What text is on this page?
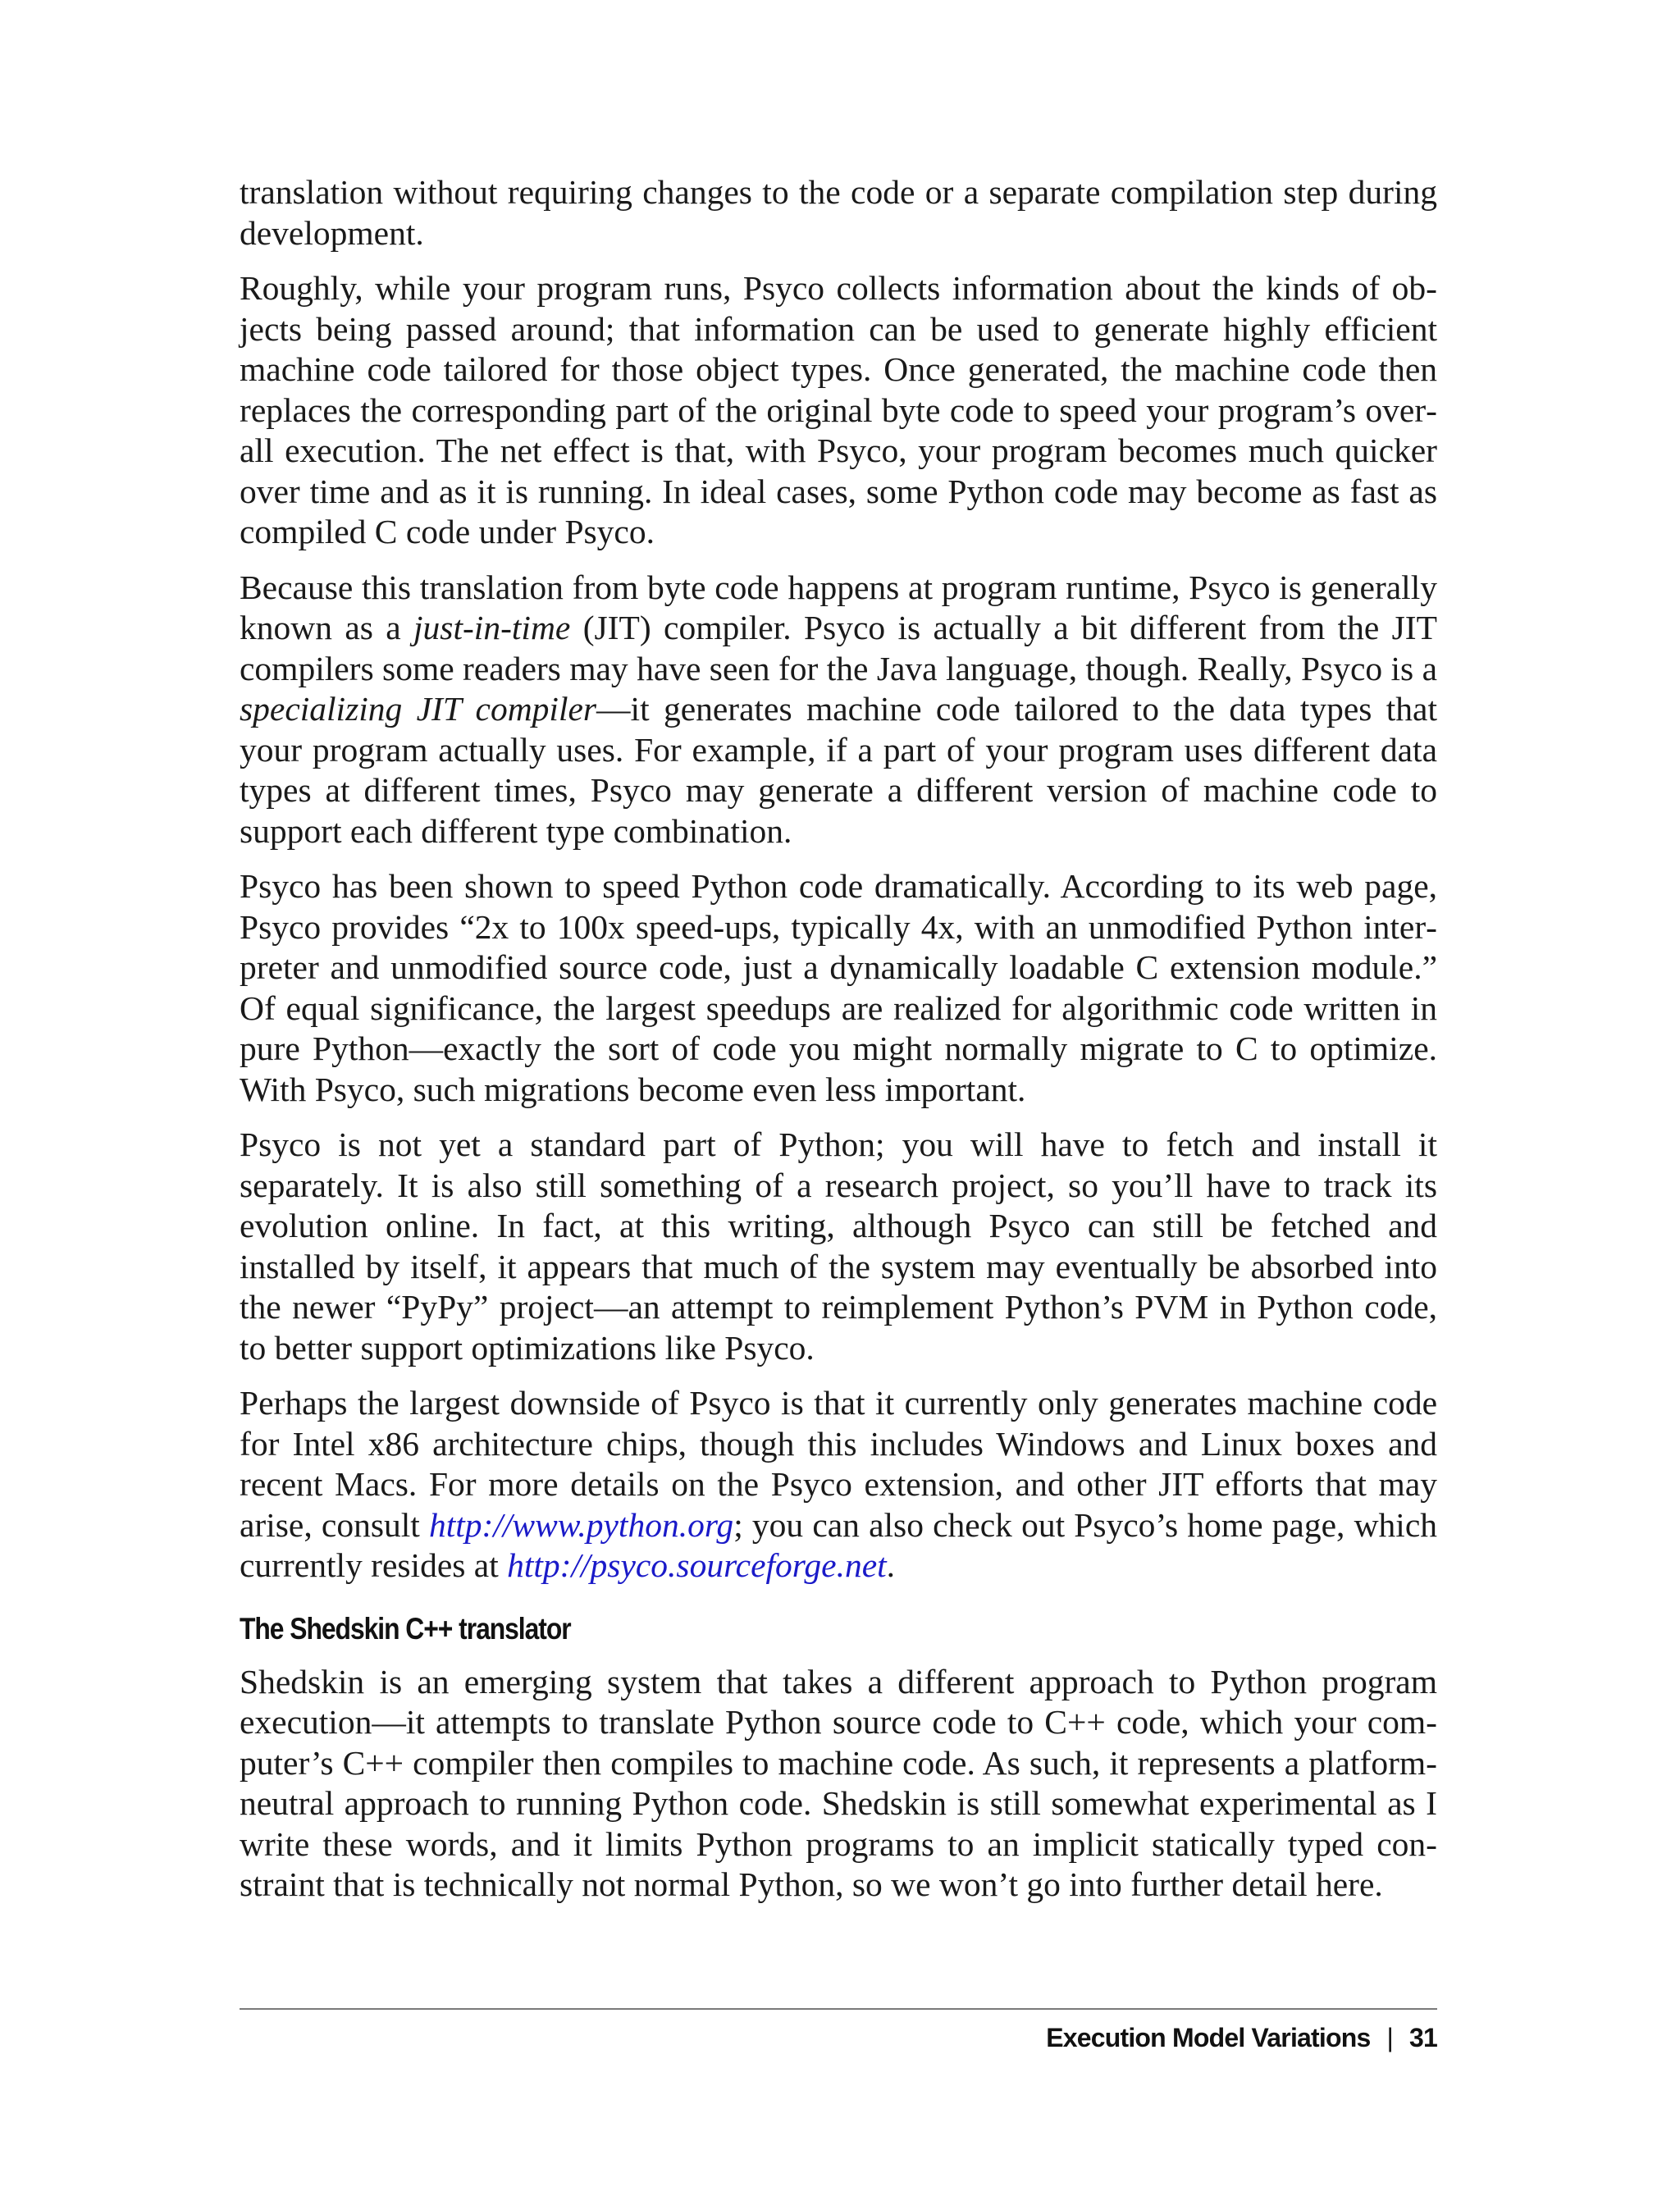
translation without requiring changes to the code or a separate compilation step during development.

Roughly, while your program runs, Psyco collects information about the kinds of objects being passed around; that information can be used to generate highly efficient machine code tailored for those object types. Once generated, the machine code then replaces the corresponding part of the original byte code to speed your program’s overall execution. The net effect is that, with Psyco, your program becomes much quicker over time and as it is running. In ideal cases, some Python code may become as fast as compiled C code under Psyco.

Because this translation from byte code happens at program runtime, Psyco is generally known as a just-in-time (JIT) compiler. Psyco is actually a bit different from the JIT compilers some readers may have seen for the Java language, though. Really, Psyco is a specializing JIT compiler—it generates machine code tailored to the data types that your program actually uses. For example, if a part of your program uses different data types at different times, Psyco may generate a different version of machine code to support each different type combination.

Psyco has been shown to speed Python code dramatically. According to its web page, Psyco provides “2x to 100x speed-ups, typically 4x, with an unmodified Python interpreter and unmodified source code, just a dynamically loadable C extension module.” Of equal significance, the largest speedups are realized for algorithmic code written in pure Python—exactly the sort of code you might normally migrate to C to optimize. With Psyco, such migrations become even less important.

Psyco is not yet a standard part of Python; you will have to fetch and install it separately. It is also still something of a research project, so you’ll have to track its evolution online. In fact, at this writing, although Psyco can still be fetched and installed by itself, it appears that much of the system may eventually be absorbed into the newer “PyPy” project—an attempt to reimplement Python’s PVM in Python code, to better support optimizations like Psyco.

Perhaps the largest downside of Psyco is that it currently only generates machine code for Intel x86 architecture chips, though this includes Windows and Linux boxes and recent Macs. For more details on the Psyco extension, and other JIT efforts that may arise, consult http://www.python.org; you can also check out Psyco’s home page, which currently resides at http://psyco.sourceforge.net.

The Shedskin C++ translator

Shedskin is an emerging system that takes a different approach to Python program execution—it attempts to translate Python source code to C++ code, which your computer’s C++ compiler then compiles to machine code. As such, it represents a platform-neutral approach to running Python code. Shedskin is still somewhat experimental as I write these words, and it limits Python programs to an implicit statically typed constraint that is technically not normal Python, so we won’t go into further detail here.

Execution Model Variations | 31
